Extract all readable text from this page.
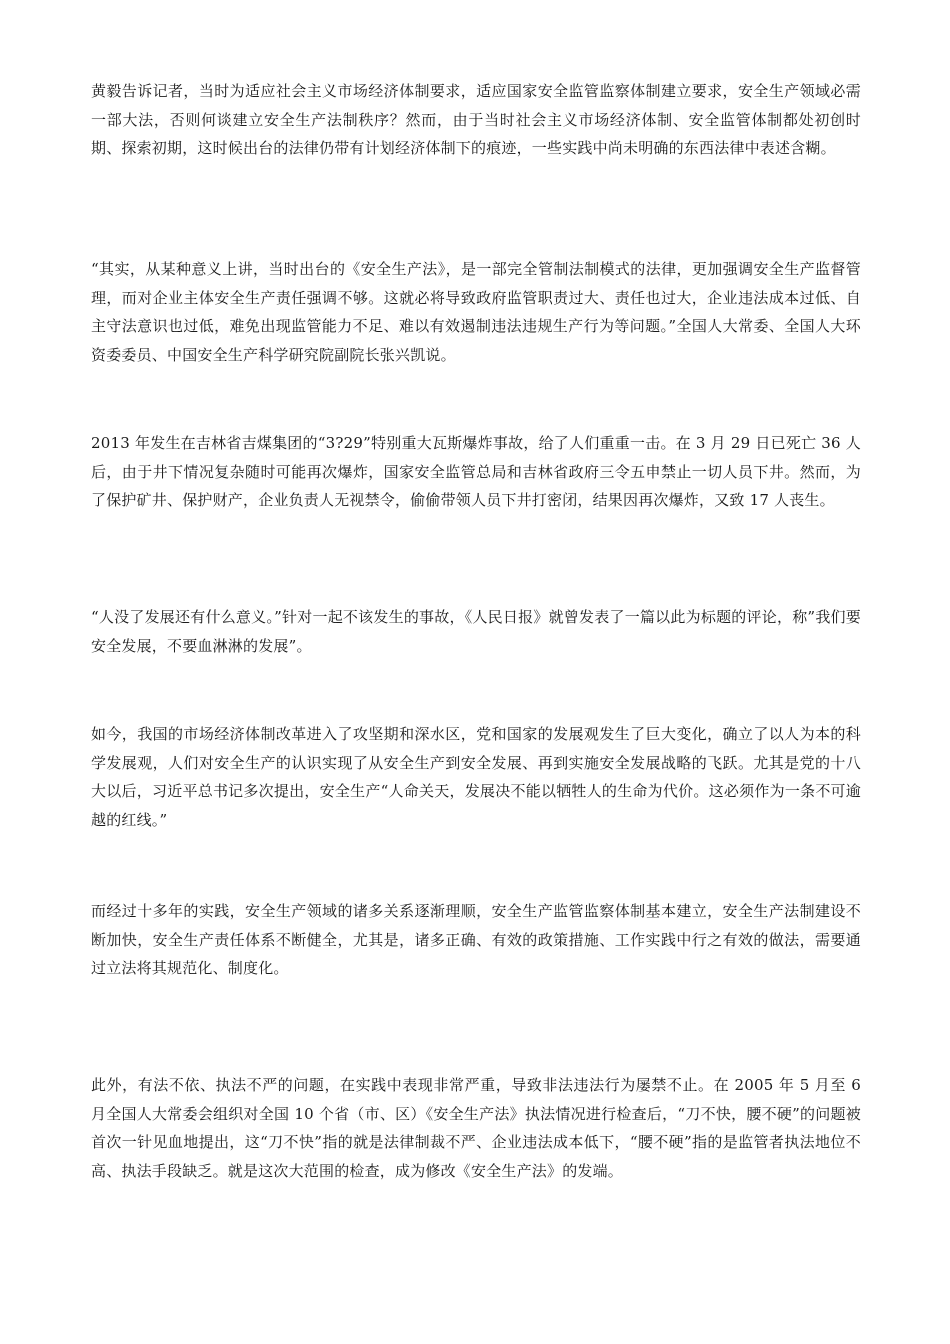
黄毅告诉记者，当时为适应社会主义市场经济体制要求，适应国家安全监管监察体制建立要求，安全生产领域必需一部大法，否则何谈建立安全生产法制秩序？然而，由于当时社会主义市场经济体制、安全监管体制都处初创时期、探索初期，这时候出台的法律仍带有计划经济体制下的痕迹，一些实践中尚未明确的东西法律中表述含糊。

“其实，从某种意义上讲，当时出台的《安全生产法》，是一部完全管制法制模式的法律，更加强调安全生产监督管理，而对企业主体安全生产责任强调不够。这就必将导致政府监管职责过大、责任也过大，企业违法成本过低、自主守法意识也过低，难免出现监管能力不足、难以有效遏制违法违规生产行为等问题。”全国人大常委、全国人大环资委委员、中国安全生产科学研究院副院长张兴凯说。

2013 年发生在吉林省吉煤集团的“3?29”特别重大瓦斯爆炸事故，给了人们重重一击。在 3 月 29 日已死亡 36 人后，由于井下情况复杂随时可能再次爆炸，国家安全监管总局和吉林省政府三令五申禁止一切人员下井。然而，为了保护矿井、保护财产，企业负责人无视禁令，偷偷带领人员下井打密闭，结果因再次爆炸，又致 17 人丧生。

“人没了发展还有什么意义。”针对一起不该发生的事故，《人民日报》就曾发表了一篇以此为标题的评论，称”我们要安全发展，不要血淋淋的发展”。

如今，我国的市场经济体制改革进入了攻坚期和深水区，党和国家的发展观发生了巨大变化，确立了以人为本的科学发展观，人们对安全生产的认识实现了从安全生产到安全发展、再到实施安全发展战略的飞跃。尤其是党的十八大以后，习近平总书记多次提出，安全生产“人命关天，发展决不能以牺牲人的生命为代价。这必须作为一条不可逾越的红线。”

而经过十多年的实践，安全生产领域的诸多关系逐渐理顺，安全生产监管监察体制基本建立，安全生产法制建设不断加快，安全生产责任体系不断健全，尤其是，诸多正确、有效的政策措施、工作实践中行之有效的做法，需要通过立法将其规范化、制度化。

此外，有法不依、执法不严的问题，在实践中表现非常严重，导致非法违法行为屡禁不止。在 2005 年 5 月至 6 月全国人大常委会组织对全国 10 个省（市、区）《安全生产法》执法情况进行检查后，“刀不快，腰不硬”的问题被首次一针见血地提出，这“刀不快”指的就是法律制裁不严、企业违法成本低下，“腰不硬”指的是监管者执法地位不高、执法手段缺乏。就是这次大范围的检查，成为修改《安全生产法》的发端。
